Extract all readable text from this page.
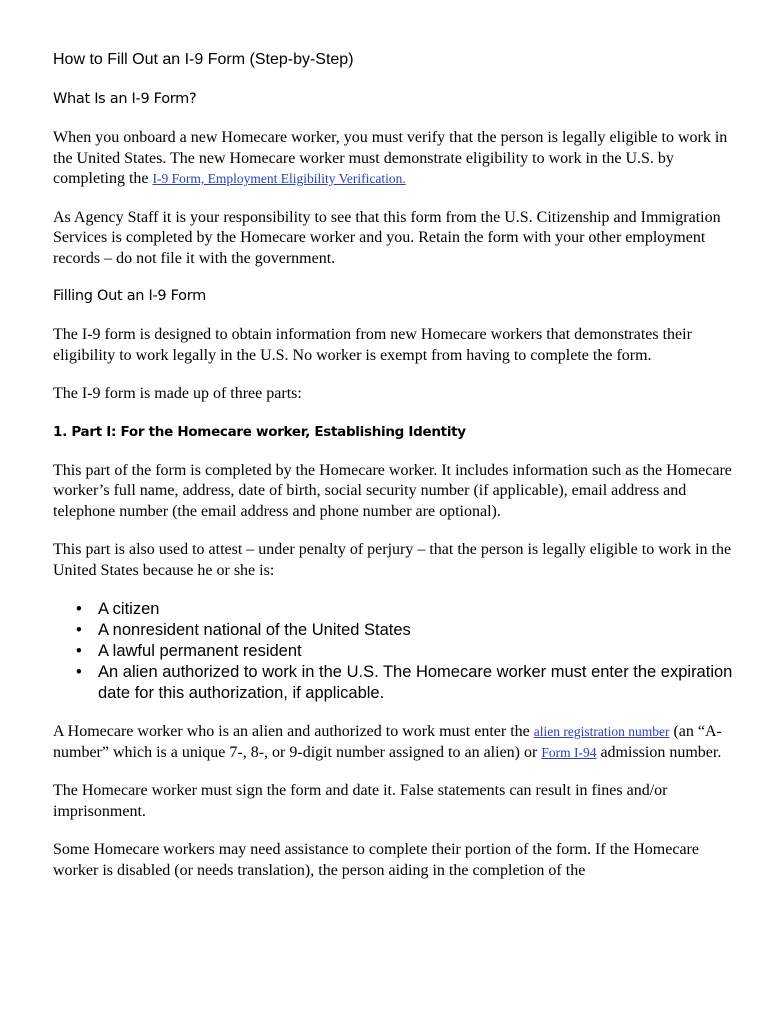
How to Fill Out an I-9 Form (Step-by-Step)
What Is an I-9 Form?

When you onboard a new Homecare worker, you must verify that the person is legally eligible to work in the United States. The new Homecare worker must demonstrate eligibility to work in the U.S. by completing the I-9 Form, Employment Eligibility Verification.

As Agency Staff it is your responsibility to see that this form from the U.S. Citizenship and Immigration Services is completed by the Homecare worker and you. Retain the form with your other employment records – do not file it with the government.

Filling Out an I-9 Form

The I-9 form is designed to obtain information from new Homecare workers that demonstrates their eligibility to work legally in the U.S. No worker is exempt from having to complete the form.

The I-9 form is made up of three parts:

1. Part I: For the Homecare worker, Establishing Identity

This part of the form is completed by the Homecare worker. It includes information such as the Homecare worker’s full name, address, date of birth, social security number (if applicable), email address and telephone number (the email address and phone number are optional).

This part is also used to attest – under penalty of perjury – that the person is legally eligible to work in the United States because he or she is:

• A citizen
• A nonresident national of the United States
• A lawful permanent resident
• An alien authorized to work in the U.S. The Homecare worker must enter the expiration date for this authorization, if applicable.

A Homecare worker who is an alien and authorized to work must enter the alien registration number (an “A-number” which is a unique 7-, 8-, or 9-digit number assigned to an alien) or Form I-94 admission number.

The Homecare worker must sign the form and date it. False statements can result in fines and/or imprisonment.

Some Homecare workers may need assistance to complete their portion of the form. If the Homecare worker is disabled (or needs translation), the person aiding in the completion of the
